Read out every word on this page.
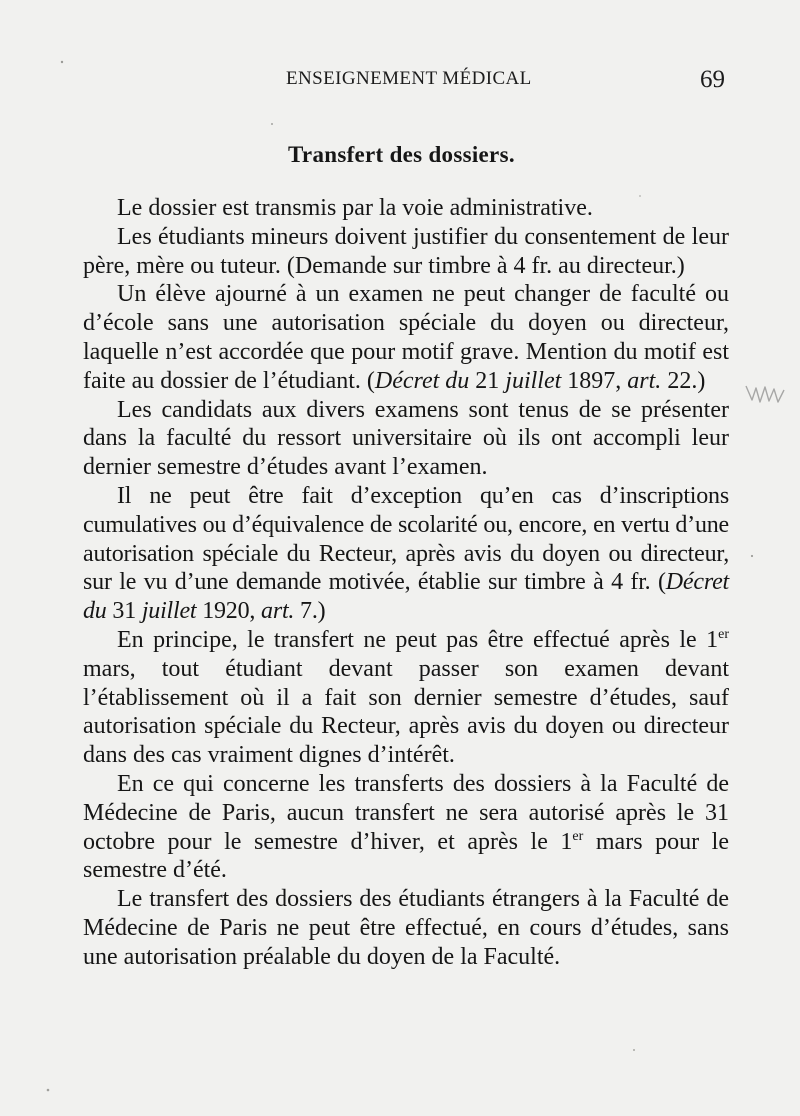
ENSEIGNEMENT MÉDICAL	69
Transfert des dossiers.

Le dossier est transmis par la voie administrative.

Les étudiants mineurs doivent justifier du consentement de leur père, mère ou tuteur. (Demande sur timbre à 4 fr. au directeur.)

Un élève ajourné à un examen ne peut changer de faculté ou d’école sans une autorisation spéciale du doyen ou directeur, laquelle n’est accordée que pour motif grave. Mention du motif est faite au dossier de l’étudiant. (Décret du 21 juillet 1897, art. 22.)

Les candidats aux divers examens sont tenus de se présenter dans la faculté du ressort universitaire où ils ont accompli leur dernier semestre d’études avant l’examen.

Il ne peut être fait d’exception qu’en cas d’inscriptions cumulatives ou d’équivalence de scolarité ou, encore, en vertu d’une autorisation spéciale du Recteur, après avis du doyen ou directeur, sur le vu d’une demande motivée, établie sur timbre à 4 fr. (Décret du 31 juillet 1920, art. 7.)

En principe, le transfert ne peut pas être effectué après le 1er mars, tout étudiant devant passer son examen devant l’établissement où il a fait son dernier semestre d’études, sauf autorisation spéciale du Recteur, après avis du doyen ou directeur dans des cas vraiment dignes d’intérêt.

En ce qui concerne les transferts des dossiers à la Faculté de Médecine de Paris, aucun transfert ne sera autorisé après le 31 octobre pour le semestre d’hiver, et après le 1er mars pour le semestre d’été.

Le transfert des dossiers des étudiants étrangers à la Faculté de Médecine de Paris ne peut être effectué, en cours d’études, sans une autorisation préalable du doyen de la Faculté.
